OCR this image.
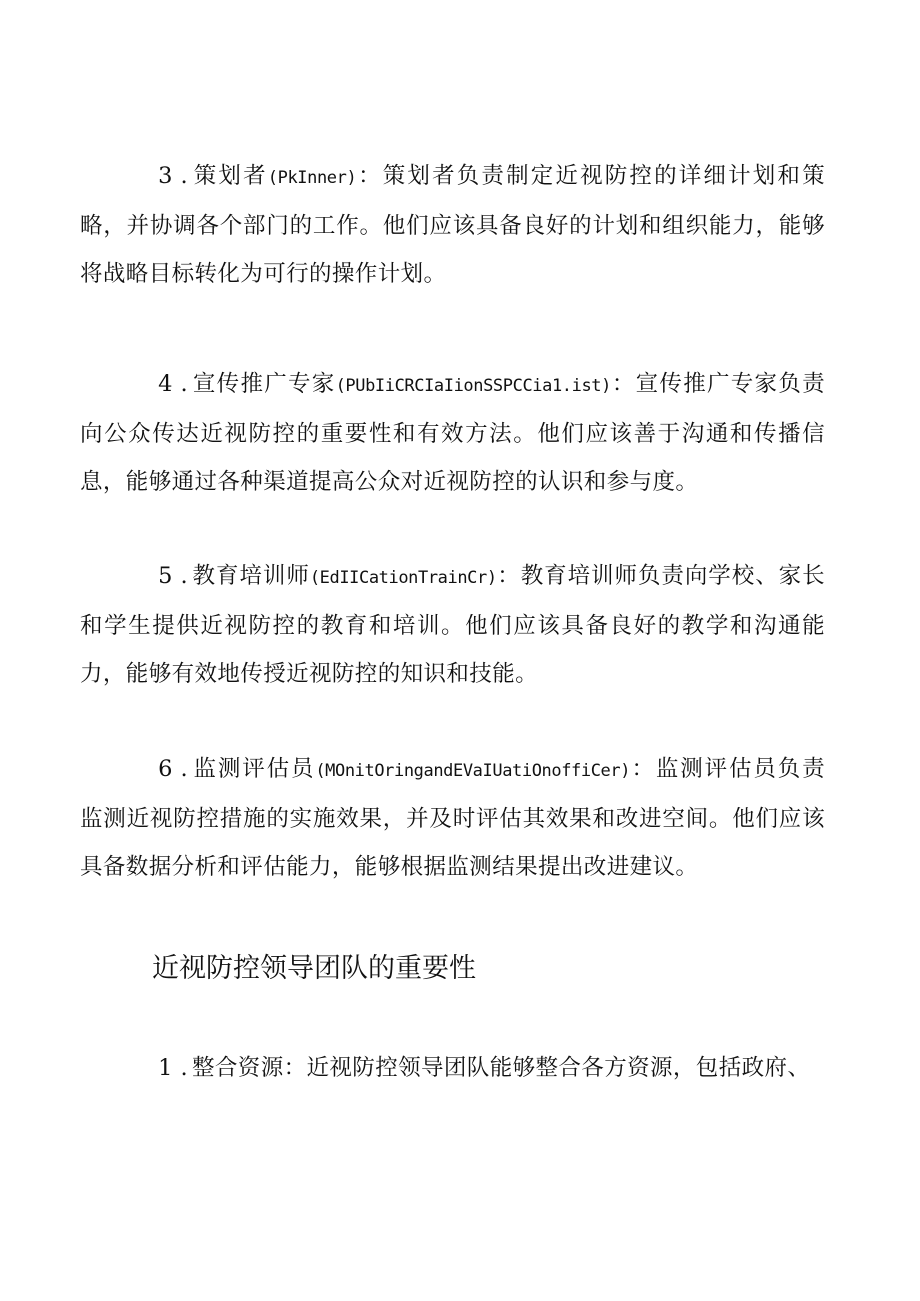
3 . 策划者(PkInner)：策划者负责制定近视防控的详细计划和策略，并协调各个部门的工作。他们应该具备良好的计划和组织能力，能够将战略目标转化为可行的操作计划。

4 . 宣传推广专家(PUbIiCRCIaIionSSPCCia1.ist)：宣传推广专家负责向公众传达近视防控的重要性和有效方法。他们应该善于沟通和传播信息，能够通过各种渠道提高公众对近视防控的认识和参与度。

5 . 教育培训师(EdIICationTrainCr)：教育培训师负责向学校、家长和学生提供近视防控的教育和培训。他们应该具备良好的教学和沟通能力，能够有效地传授近视防控的知识和技能。

6 . 监测评估员(MOnitOringandEVaIUatiOnoffiCer)：监测评估员负责监测近视防控措施的实施效果，并及时评估其效果和改进空间。他们应该具备数据分析和评估能力，能够根据监测结果提出改进建议。

近视防控领导团队的重要性

1 . 整合资源：近视防控领导团队能够整合各方资源，包括政府、
